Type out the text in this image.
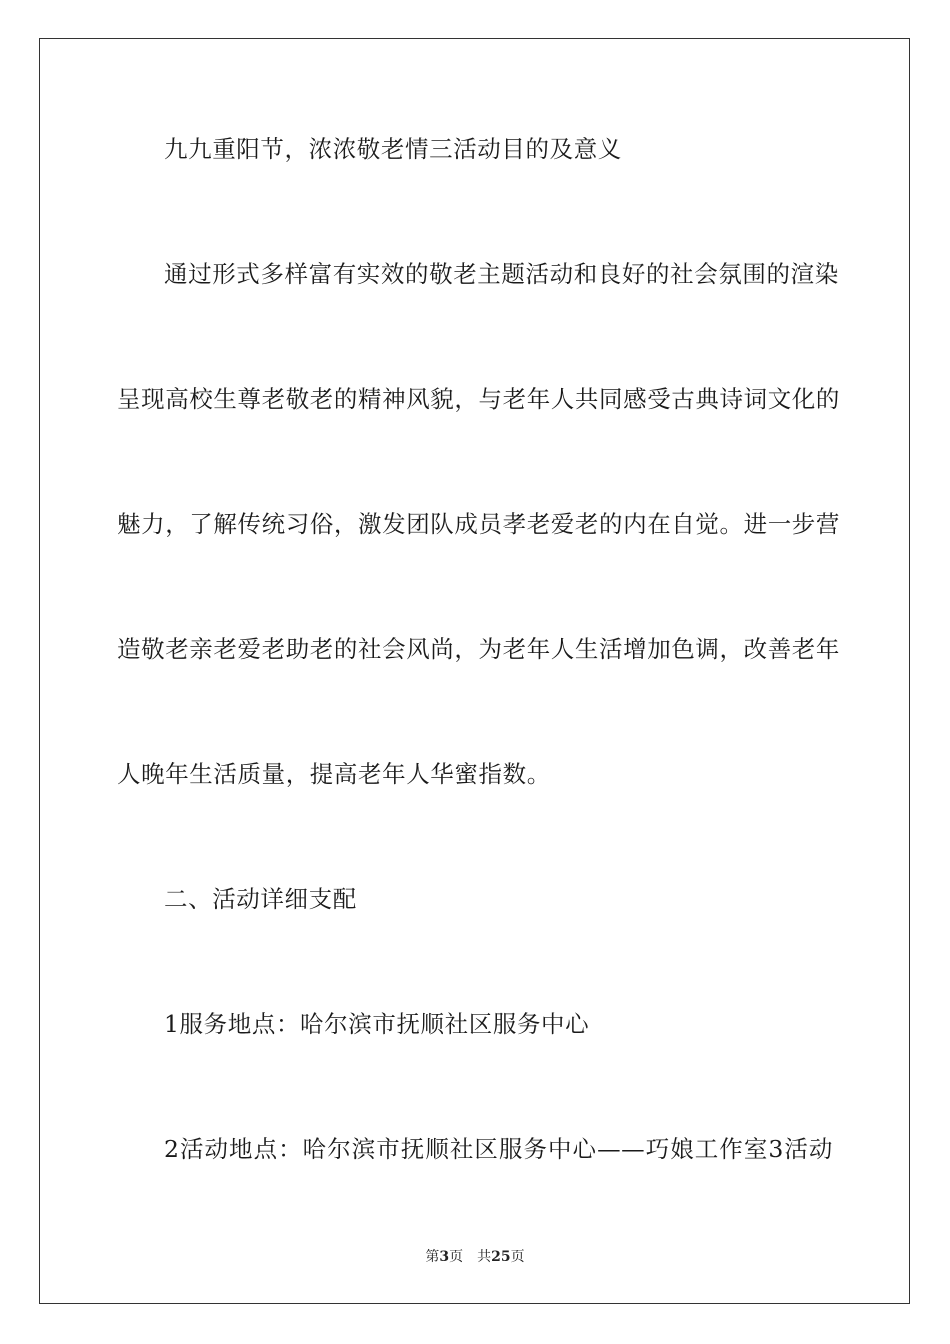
九九重阳节，浓浓敬老情三活动目的及意义
通过形式多样富有实效的敬老主题活动和良好的社会氛围的渲染
呈现高校生尊老敬老的精神风貌，与老年人共同感受古典诗词文化的
魅力，了解传统习俗，激发团队成员孝老爱老的内在自觉。进一步营
造敬老亲老爱老助老的社会风尚，为老年人生活增加色调，改善老年
人晚年生活质量，提高老年人华蜜指数。
二、活动详细支配
1服务地点：哈尔滨市抚顺社区服务中心
2活动地点：哈尔滨市抚顺社区服务中心——巧娘工作室3活动
第3页 共25页
